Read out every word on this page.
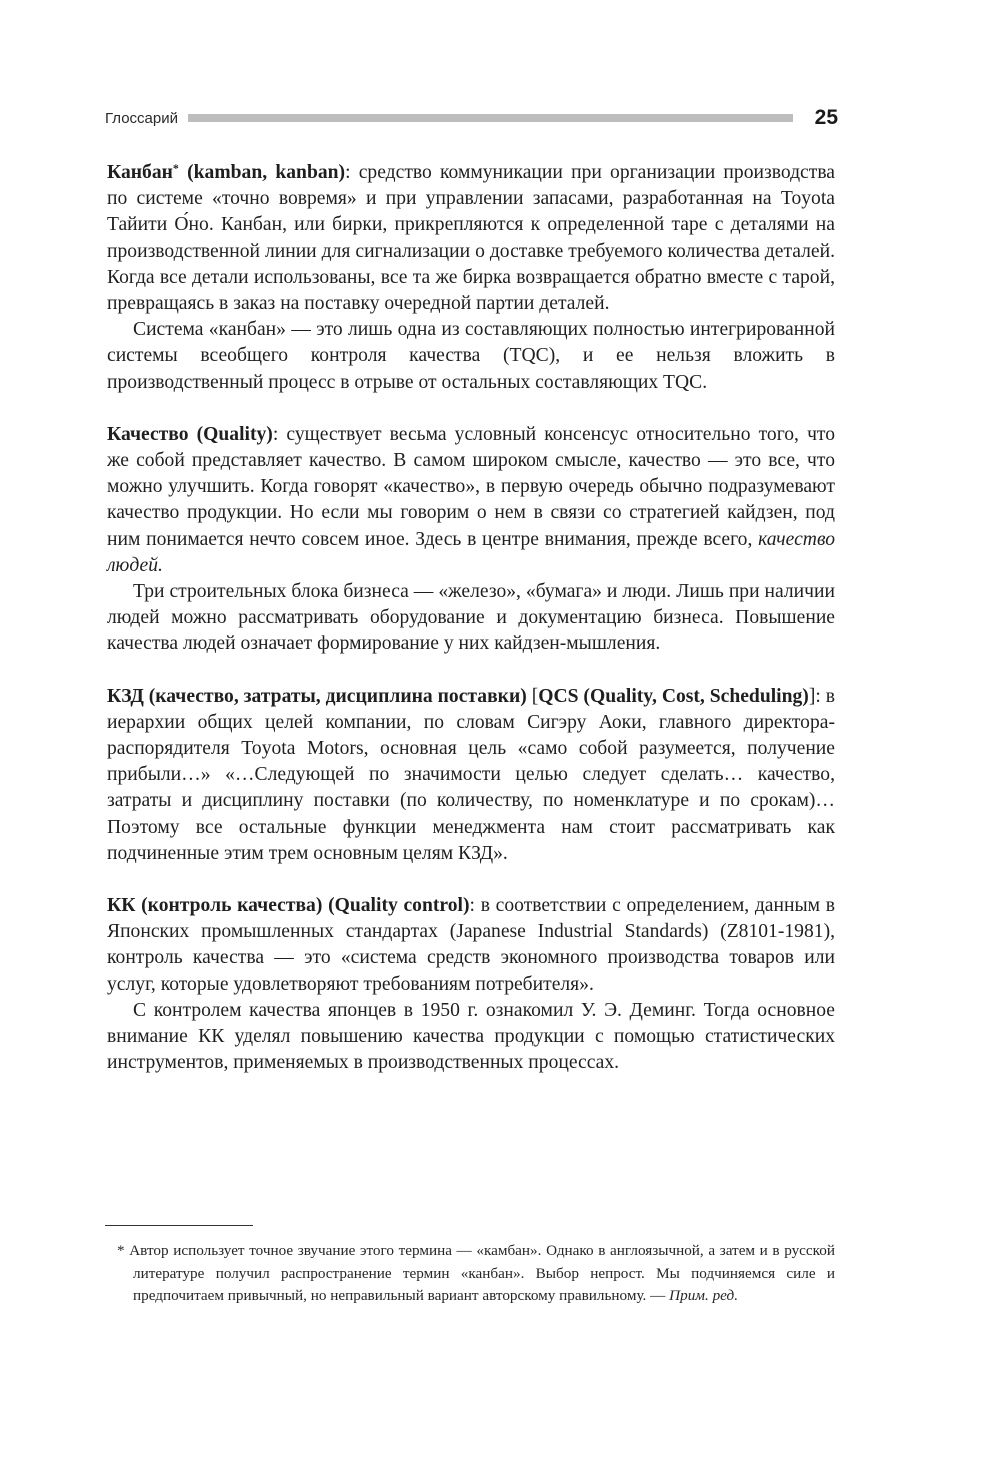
Глоссарий	25

Канбан* (kamban, kanban): средство коммуникации при организации производства по системе «точно вовремя» и при управлении запасами, разработанная на Toyota Тайити О́но. Канбан, или бирки, прикрепляются к определенной таре с деталями на производственной линии для сигнализации о доставке требуемого количества деталей. Когда все детали использованы, все та же бирка возвращается обратно вместе с тарой, превращаясь в заказ на поставку очередной партии деталей.

Система «канбан» — это лишь одна из составляющих полностью интегрированной системы всеобщего контроля качества (TQC), и ее нельзя вложить в производственный процесс в отрыве от остальных составляющих TQC.

Качество (Quality): существует весьма условный консенсус относительно того, что же собой представляет качество. В самом широком смысле, качество — это все, что можно улучшить. Когда говорят «качество», в первую очередь обычно подразумевают качество продукции. Но если мы говорим о нем в связи со стратегией кайдзен, под ним понимается нечто совсем иное. Здесь в центре внимания, прежде всего, качество людей.

Три строительных блока бизнеса — «железо», «бумага» и люди. Лишь при наличии людей можно рассматривать оборудование и документацию бизнеса. Повышение качества людей означает формирование у них кайдзен-мышления.

КЗД (качество, затраты, дисциплина поставки) [QCS (Quality, Cost, Scheduling)]: в иерархии общих целей компании, по словам Сигэру Аоки, главного директора-распорядителя Toyota Motors, основная цель «само собой разумеется, получение прибыли…» «…Следующей по значимости целью следует сделать… качество, затраты и дисциплину поставки (по количеству, по номенклатуре и по срокам)… Поэтому все остальные функции менеджмента нам стоит рассматривать как подчиненные этим трем основным целям КЗД».

КК (контроль качества) (Quality control): в соответствии с определением, данным в Японских промышленных стандартах (Japanese Industrial Standards) (Z8101-1981), контроль качества — это «система средств экономного производства товаров или услуг, которые удовлетворяют требованиям потребителя».

С контролем качества японцев в 1950 г. ознакомил У. Э. Деминг. Тогда основное внимание КК уделял повышению качества продукции с помощью статистических инструментов, применяемых в производственных процессах.

* Автор использует точное звучание этого термина — «камбан». Однако в англоязычной, а затем и в русской литературе получил распространение термин «канбан». Выбор непрост. Мы подчиняемся силе и предпочитаем привычный, но неправильный вариант авторскому правильному. — Прим. ред.
